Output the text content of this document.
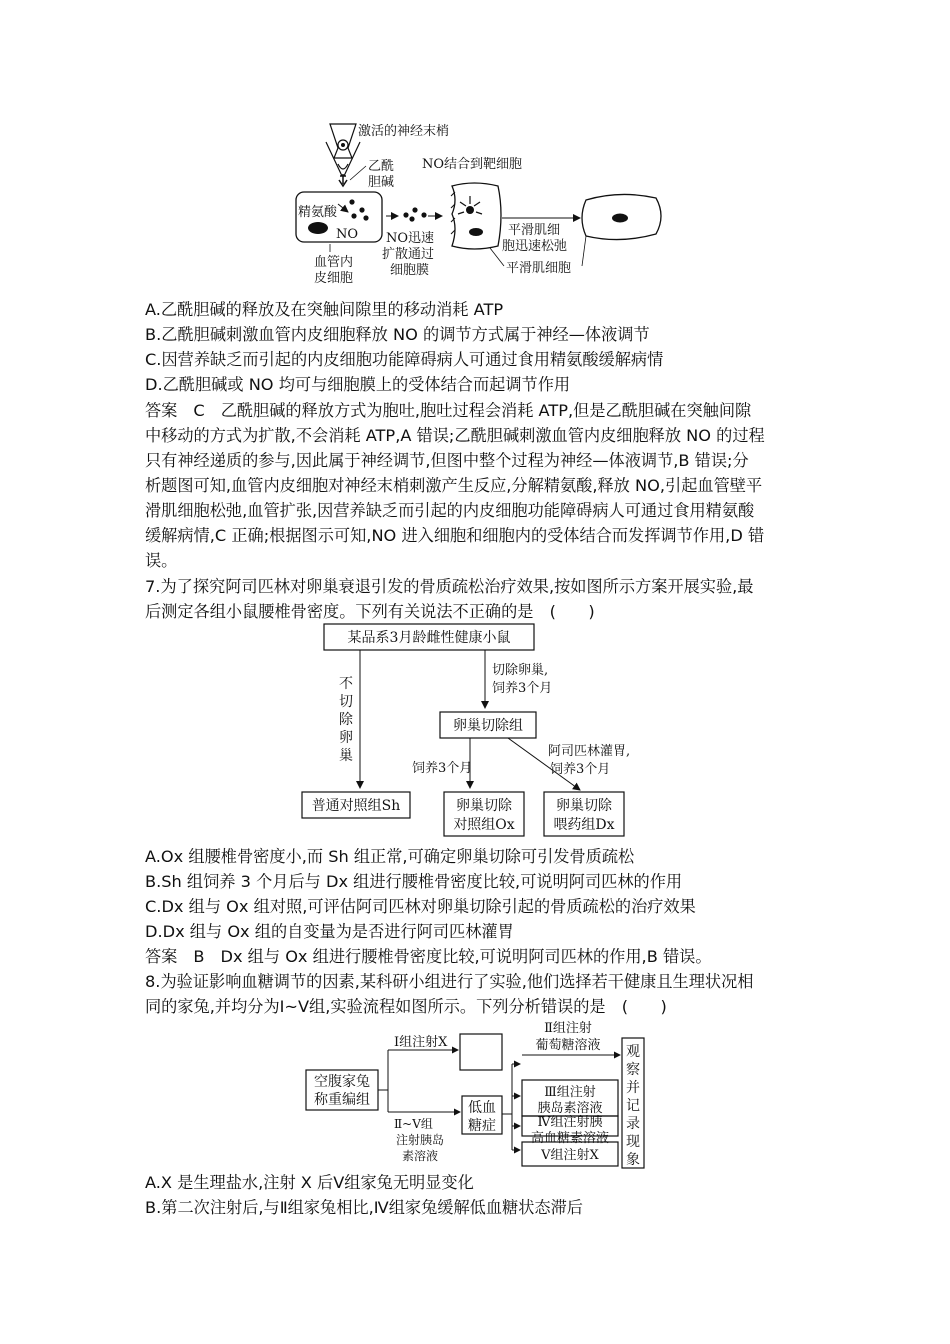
激活的神经末梢
乙酰
胆碱
精氨酸
NO NO迅速
扩散通过
细胞膜
NO结合到靶细胞
平滑肌细
胞迅速松弛
血管内
皮细胞
平滑肌细胞
A.乙酰胆碱的释放及在突触间隙里的移动消耗 ATP
B.乙酰胆碱刺激血管内皮细胞释放 NO 的调节方式属于神经—体液调节
C.因营养缺乏而引起的内皮细胞功能障碍病人可通过食用精氨酸缓解病情
D.乙酰胆碱或 NO 均可与细胞膜上的受体结合而起调节作用
答案 C 乙酰胆碱的释放方式为胞吐,胞吐过程会消耗 ATP,但是乙酰胆碱在突触间隙
中移动的方式为扩散,不会消耗 ATP,A 错误;乙酰胆碱刺激血管内皮细胞释放 NO 的过程
只有神经递质的参与,因此属于神经调节,但图中整个过程为神经—体液调节,B 错误;分
析题图可知,血管内皮细胞对神经末梢刺激产生反应,分解精氨酸,释放 NO,引起血管壁平
滑肌细胞松弛,血管扩张,因营养缺乏而引起的内皮细胞功能障碍病人可通过食用精氨酸
缓解病情,C 正确;根据图示可知,NO 进入细胞和细胞内的受体结合而发挥调节作用,D 错
误。
7.为了探究阿司匹林对卵巢衰退引发的骨质疏松治疗效果,按如图所示方案开展实验,最
后测定各组小鼠腰椎骨密度。下列有关说法不正确的是　(　　)
某品系3月龄雌性健康小鼠
不
切
除
卵
巢
切除卵巢,
饲养3个月
卵巢切除组
饲养3个月
阿司匹林灌胃,
饲养3个月
普通对照组Sh	卵巢切除
对照组Ox
卵巢切除
喂药组Dx
A.Ox 组腰椎骨密度小,而 Sh 组正常,可确定卵巢切除可引发骨质疏松
B.Sh 组饲养 3 个月后与 Dx 组进行腰椎骨密度比较,可说明阿司匹林的作用
C.Dx 组与 Ox 组对照,可评估阿司匹林对卵巢切除引起的骨质疏松的治疗效果
D.Dx 组与 Ox 组的自变量为是否进行阿司匹林灌胃
答案 B Dx 组与 Ox 组进行腰椎骨密度比较,可说明阿司匹林的作用,B 错误。
8.为验证影响血糖调节的因素,某科研小组进行了实验,他们选择若干健康且生理状况相
同的家兔,并均分为Ⅰ~Ⅴ组,实验流程如图所示。下列分析错误的是　(　　)
空腹家兔
称重编组
Ⅰ组注射X
Ⅱ~Ⅴ组
注射胰岛
素溶液
低血
糖症
Ⅱ组注射
葡萄糖溶液
Ⅲ组注射
胰岛素溶液
Ⅳ组注射胰
高血糖素溶液
Ⅴ组注射X
观
察
并
记
录
现
象
A.X 是生理盐水,注射 X 后Ⅴ组家兔无明显变化
B.第二次注射后,与Ⅱ组家兔相比,Ⅳ组家兔缓解低血糖状态滞后
